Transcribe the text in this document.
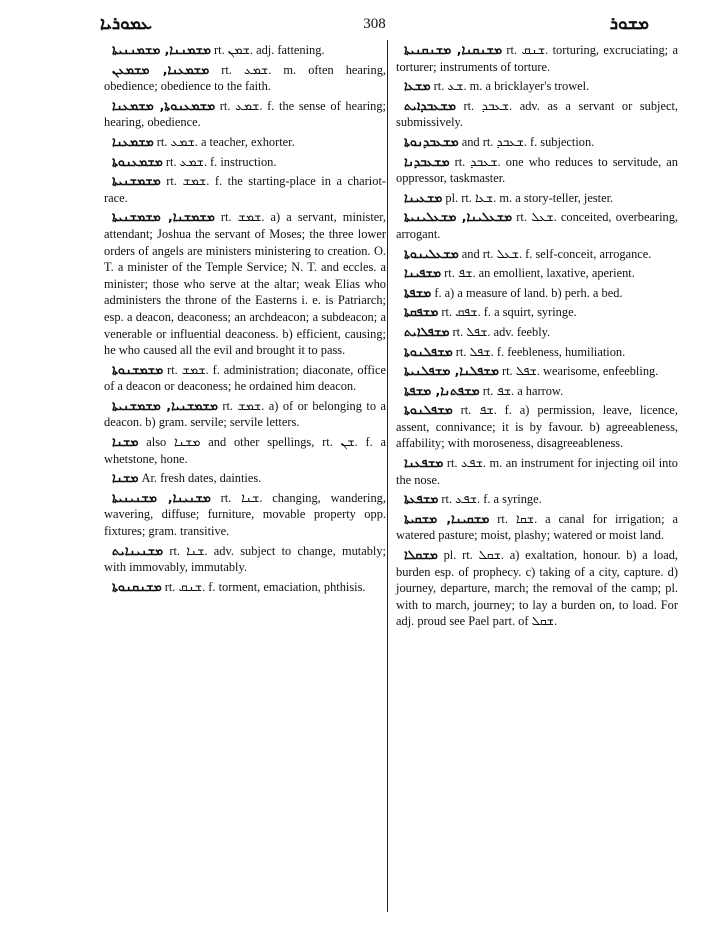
ܥܡܘܪܝܐ	308	ܡܫܘܪ

ܡܫܡܢܢܐ, ܡܫܡܢܢܝܬܐ rt. ܫܡܢ. adj. fattening.

ܡܫܡܥܢܐ, ܡܫܡܥܢ rt. ܫܡܥ. m. often hearing, obedience; obedience to the faith.

ܡܫܡܥܢܘܬܐ, ܡܫܡܥܢܐ rt. ܫܡܥ. f. the sense of hearing; hearing, obedience.

ܡܫܡܥܢܐ rt. ܫܡܥ. a teacher, exhorter.

ܡܫܡܥܢܘܬܐ rt. ܫܡܥ. f. instruction.

ܡܫܡܫܢܝܬܐ rt. ܫܡܫ. f. the starting-place in a chariot-race.

ܡܫܡܫܢܐ, ܡܫܡܫܢܝܬܐ rt. ܫܡܫ. a) a servant, minister, attendant; Joshua the servant of Moses; the three lower orders of angels are ministers ministering to creation. O. T. a minister of the Temple Service; N. T. and eccles. a minister; those who serve at the altar; weak Elias who administers the throne of the Easterns i. e. is Patriarch; esp. a deacon, deaconess; an archdeacon; a subdeacon; a venerable or influential deaconess. b) efficient, causing; he who caused all the evil and brought it to pass.

ܡܫܡܫܢܘܬܐ rt. ܫܡܫ. f. administration; diaconate, office of a deacon or deaconess; he ordained him deacon.

ܡܫܡܫܢܝܐ, ܡܫܡܫܢܝܬܐ rt. ܫܡܫ. a) of or belonging to a deacon. b) gram. servile; servile letters.

ܡܫܢܐ also ܡܫܢܐ and other spellings, rt. ܫܢ. f. a whetstone, hone.

ܡܫܢܐ Ar. fresh dates, dainties.

ܡܫܢܝܢܐ, ܡܫܢܝܢܝܬܐ rt. ܫܢܐ. changing, wandering, wavering, diffuse; furniture, movable property opp. fixtures; gram. transitive.

ܡܫܢܝܢܐܝܬ rt. ܫܢܐ. adv. subject to change, mutably; with immovably, immutably.

ܡܫܢܩܢܘܬܐ rt. ܫܢܩ. f. torment, emaciation, phthisis.

ܡܫܢܩܢܐ, ܡܫܢܩܢܝܬܐ rt. ܫܢܩ. torturing, excruciating; a torturer; instruments of torture.

ܡܫܥܐ rt. ܫܥ. m. a bricklayer's trowel.

ܡܫܥܒܕܐܝܬ rt. ܫܥܒܕ. adv. as a servant or subject, submissively.

ܡܫܥܒܕܢܘܬܐ and rt. ܫܥܒܕ. f. subjection.

ܡܫܥܒܕܢܐ rt. ܫܥܒܕ. one who reduces to servitude, an oppressor, taskmaster.

ܡܫܥܝܢܐ pl. rt. ܫܥܐ. m. a story-teller, jester.

ܡܫܥܠܝܢܐ, ܡܫܥܠܝܢܝܬܐ rt. ܫܥܠ. conceited, overbearing, arrogant.

ܡܫܥܠܝܢܘܬܐ and rt. ܫܥܠ. f. self-conceit, arrogance.

ܡܫܦܝܢܐ rt. ܫܦ. an emollient, laxative, aperient.

ܡܫܦܬܐ f. a) a measure of land. b) perh. a bed.

ܡܫܦܩܬܐ rt. ܫܦܩ. f. a squirt, syringe.

ܡܫܦܠܐܝܬ rt. ܫܦܠ. adv. feebly.

ܡܫܦܠܢܘܬܐ rt. ܫܦܠ. f. feebleness, humiliation.

ܡܫܦܠܢܐ, ܡܫܦܠܢܝܬܐ rt. ܫܦܠ. wearisome, enfeebling.

ܡܫܦܬܢܐ, ܡܫܦܬܐ rt. ܫܦ. a harrow.

ܡܫܦܠܢܘܬܐ rt. ܫܦ. f. a) permission, leave, licence, assent, connivance; it is by favour. b) agreeableness, affability; with moroseness, disagreeableness.

ܡܫܦܥܢܐ rt. ܫܦܥ. m. an instrument for injecting oil into the nose.

ܡܫܦܥܬܐ rt. ܫܦܥ. f. a syringe.

ܡܫܩܝܢܐ, ܡܫܩܝܬܐ rt. ܫܩܐ. a canal for irrigation; a watered pasture; moist, plashy; watered or moist land.

ܡܫܩܠܐ pl. rt. ܫܩܠ. a) exaltation, honour. b) a load, burden esp. of prophecy. c) taking of a city, capture. d) journey, departure, march; the removal of the camp; pl. with to march, journey; to lay a burden on, to load. For adj. proud see Pael part. of ܫܩܠ.
